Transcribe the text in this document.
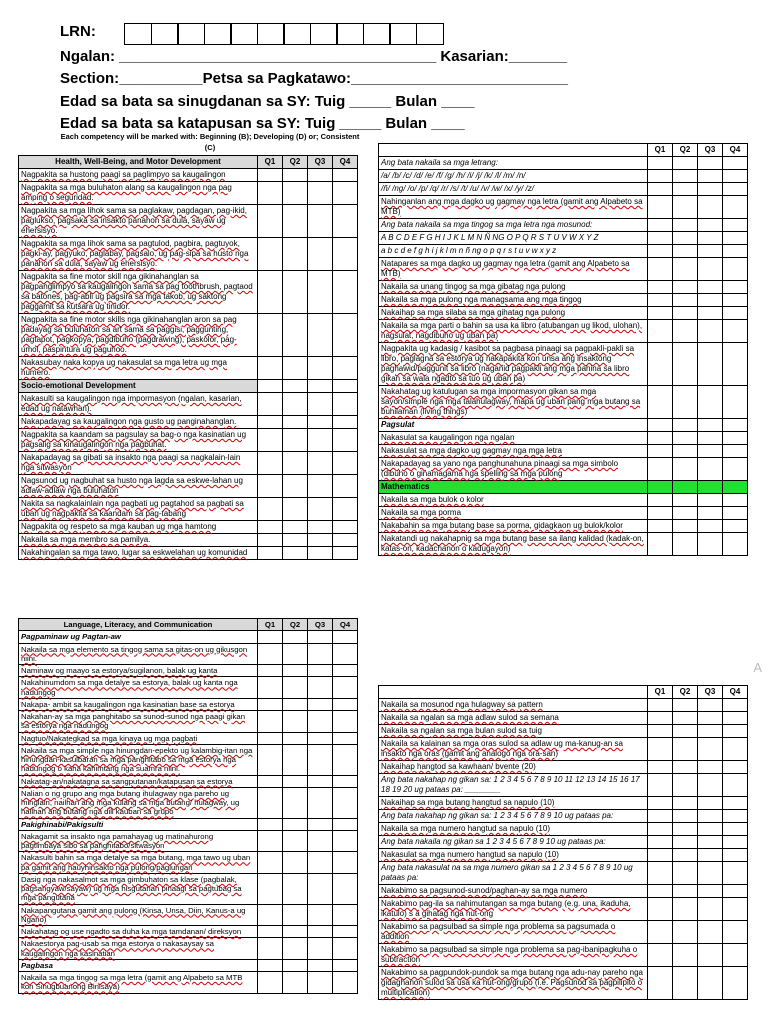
LRN:
Ngalan: ______________________________________ Kasarian:_______
Section:__________Petsa sa Pagkatawo:__________________________
Edad sa bata sa sinugdanan sa SY: Tuig _____ Bulan ____
Edad sa bata sa katapusan sa SY: Tuig _____ Bulan ____
Each competency will be marked with: Beginning (B); Developing (D) or; Consistent (C)
Health, Well-Being, and Motor Development	Q1	Q2	Q3	Q4
Nagpakita sa hustong paagi sa paglimpyo sa kaugalingon				
Nagpakita sa mga buluhaton alang sa kaugalingon nga pag amping o seguridad.				
Nagpakita sa mga lihok sama sa paglakaw, pagdagan, pag-ikid, paglukso, pagsaka sa insakto panahon sa dula, sayaw ug ehersisyo.				
Nagpakita sa mga lihok sama sa pagtulod, pagbira, pagtuyok, pagki-ay, pagyuko, paglabay, pagsalo, ug pag-sipa sa husto nga panahon sa dula, sayaw ug ehersisyo.				
Nagpakita sa fine motor skill nga gikinahanglan sa pagpanglimpyo sa kaugalingon sama sa pag toothbrush, pagtaod sa batones, pag-abli ug pagsira sa mga takob, ug saktong paggamit sa kutsara ug tinidor.				
Nagpakita sa fine motor skills nga gikinahanglan aron sa pag padayag sa buluhaton sa art sama sa paggisi, paggunting, pagtapot, pagkopya, pagdibuho (pagdrawing), paskolor, pag-umol, paspintura ug paguhoo.				
Nakasubay naka kopya ug nakasulat sa mga letra ug mga numero.				
Socio-emotional Development				
Nakasulti sa kaugalingon nga impormasyon (ngalan, kasarian, edad ug natawhan).				
Nakapadayag sa kaugalingon nga gusto ug panginahanglan.				
Nagpakita sa kaandam sa pagsulay sa bag-o nga kasinatian ug pagsalig sa kinaugalingon nga pagbuhat.				
Nakapadayag sa gibati sa insakto nga paagi sa nagkalain-lain nga sitwasyon				
Nagsunod ug nagbuhat sa husto nga lagda sa eskwe-lahan ug adlaw-adlaw nga buluhaton				
Nakita sa nagkalainlain nga pagbati ug pagtahod sa pagbati sa uban ug nagpakita sa kaandam sa pag-tabang				
Nagpakita og respeto sa mga kauban ug mga hamtong				
Nakaila sa mga membro sa pamilya.				
Nakahingalan sa mga tawo, lugar sa eskwelahan ug komunidad				
Language, Literacy, and Communication	Q1	Q2	Q3	Q4
Pagpaminaw ug Pagtan-aw				
Nakaila sa mga elemento sa tingog sama sa gitas-on ug gikusgon niini.				
Naminaw og maayo sa estorya/sugilanon, balak ug kanta				
Nakahinumdom sa mga detalye sa estorya, balak ug kanta nga nadungog				
Nakapa- ambit sa kaugalingon nga kasinatian base sa estorya				
Nakahan-ay sa mga panghitabo sa sunod-sunod nga paagi gikan sa estorya nga nadungog				
Nagtuo/Nakategkad sa mga kinaya ug mga pagbati				
Nakaila sa mga simple nga hinungdan-epekto ug kalambig-itan nga hinungdan-kasulbaran sa mga panghitabo sa mga estorya nga nadungog o kaha kahimtang nga suamra niini.				
Nakatag-an/nakatagna sa sangputanan/katapusan sa estorya				
Nalian o ng grupo ang mga butang ihulagway nga pareho ug minglain, nailhan ang mga kulang sa mga butang/ hulagway, ug nailhan ang butang nga dili kauban sa grupo				
Pakighinabi/Pakigsulti				
Nakagamit sa insakto nga pamahayag ug matinahurong pagtimbaya sibo sa panghitabo/sitwasyon				
Nakasulti bahin sa mga detalye sa mga butang, mga tawo ug uban pa gamit ang hauyhinsakto nga pulong/paglungan				
Dasig nga nakasalmot sa mga gimbuhaton sa klase (pagbalak, pagsangyaw/sayaw) ug mga hisgutanan pinaagi sa pagtubag sa mga pangutana				
Nakapangutana gamit ang pulong (Kinsa, Unsa, Diin, Kanus-a ug Ngano)				
Nakahatag og use ngadto sa duha ka mga tamdanan/ direksyon				
Nakaestorya pag-usab sa mga estorya o nakasaysay sa kaugalingon nga kasinatian				
Pagbasa				
Nakaila sa mga tingog sa mga letra (gamit ang Alpabeto sa MTB kon Sinugbuanong Binisaya)				
	Q1	Q2	Q3	Q4
Ang bata nakaila sa mga letrang:				
/a/ /b/ /c/ /d/ /e/ /f/ /g/ /h/ /i/ /j/ /k/ /l/ /m/ /n/				
/ñ/ /ng/ /o/ /p/ /q/ /r/ /s/ /t/ /u/ /v/ /w/ /x/ /y/ /z/				
Nahinganlan ang mga dagko ug gagmay nga letra (gamit ang Alpabeto sa MTB)				
Ang bata nakaila sa mga tingog sa mga letra nga mosunod:				
A B C D E F G H I J K L M N Ñ NG O P Q R S T U V W X Y Z				
a b c d e f g h i j k l m n ñ ng o p q r s t u v w x y z				
Natapares sa mga dagko ug gagmay nga letra (gamit ang Alpabeto sa MTB)				
Nakaila sa unang tingog sa mga gibatag nga pulong				
Nakaila sa mga pulong nga managsama ang mga tingog				
Nakaihap sa mga silaba sa mga gihatag nga pulong				
Nakaila sa mga parti o bahin sa usa ka libro (atubangan ug likod, ulohan), nagsulat, nagdibuho ug uban pa)				
Nagpakita ug kadasig / kasibot sa pagbasa pinaagi sa pagpakli-pakli sa libro, paglagna sa estorya ug nakapakita kon unsa ang insaktong paghawid/paggunit sa libro (naganid pagpakli ang mga pahina sa libro gikan sa wala ngadto sa tuo ug uban pa)				
Nakahatag ug katulugan sa mga impormasyon gikan sa mga sayon/simple nga mga talahulagway, mapa ug uban pang mga butang sa buhilaman (living things)				
Pagsulat				
Nakasulat sa kaugalingon nga ngalan				
Nakasulat sa mga dagko ug gagmay nga mga letra				
Nakapadayag sa yano nga panghunahuna pinaagi sa mga simbolo (dibuho o ginamagama nga spelling sa mga pulong				
Mathematics				
Nakaila sa mga bulok o kolor				
Nakaila sa mga porma				
Nakabahin sa mga butang base sa porma, gidagkaon ug bulok/kolor				
Nakatandi ug nakahapnig sa mga butang base sa ilang kalidad (kadak-on, katas-on, kadachanon o kadugayon)				
	Q1	Q2	Q3	Q4
Nakaila sa mosunod nga hulagway sa pattern				
Nakaila sa ngalan sa mga adlaw sulod sa semana				
Nakaila sa ngalan sa mga bulan sulod sa tuig				
Nakaila sa kalainan sa mga oras sulod sa adlaw ug ma-kanug-an sa insakto nga oras (gamit ang analogo nga ora-san)				
Nakaihap hangtod sa kawhaan/ bvente (20)				
Ang bata nakahap ng gikan sa: 1 2 3 4 5 6 7 8 9 10 11 12 13 14 15 16 17 18 19 20 ug pataas pa: ________				
Nakaihap sa mga butang hangtud sa napulo (10)				
Ang bata nakahap ng gikan sa: 1 2 3 4 5 6 7 8 9 10 ug pataas pa:				
Nakaila sa mga numero hangtud sa napulo (10)				
Ang bata nakaila ng gikan sa 1 2 3 4 5 6 7 8 9 10 ug pataas pa:				
Nakasulat sa mga numero hangtud sa napulo (10)				
Ang bata nakasulat na sa mga numero gikan sa 1 2 3 4 5 6 7 8 9 10 ug pataas pa:				
Nakabimo sa pagsunod-sunod/paghan-ay sa mga numero				
Nakabimo pag-ila sa nahimutangan sa mga butang (e.g. una, ikaduha, ikatulo) s a gihatag nga hut-ong				
Nakabimo sa pagsulbad sa simple nga problema sa pagsumada o addition				
Nakabimo sa pagsulbad sa simple nga problema sa pag-ibanipagkuha o subtraction				
Nakabimo sa pagpundok-pundok sa mga butang nga adu-nay pareho nga gidaghanon sulod sa usa ka hut-ong/grupo (i.e. Pagsunod sa pagpilipito o multiplication)				
A
